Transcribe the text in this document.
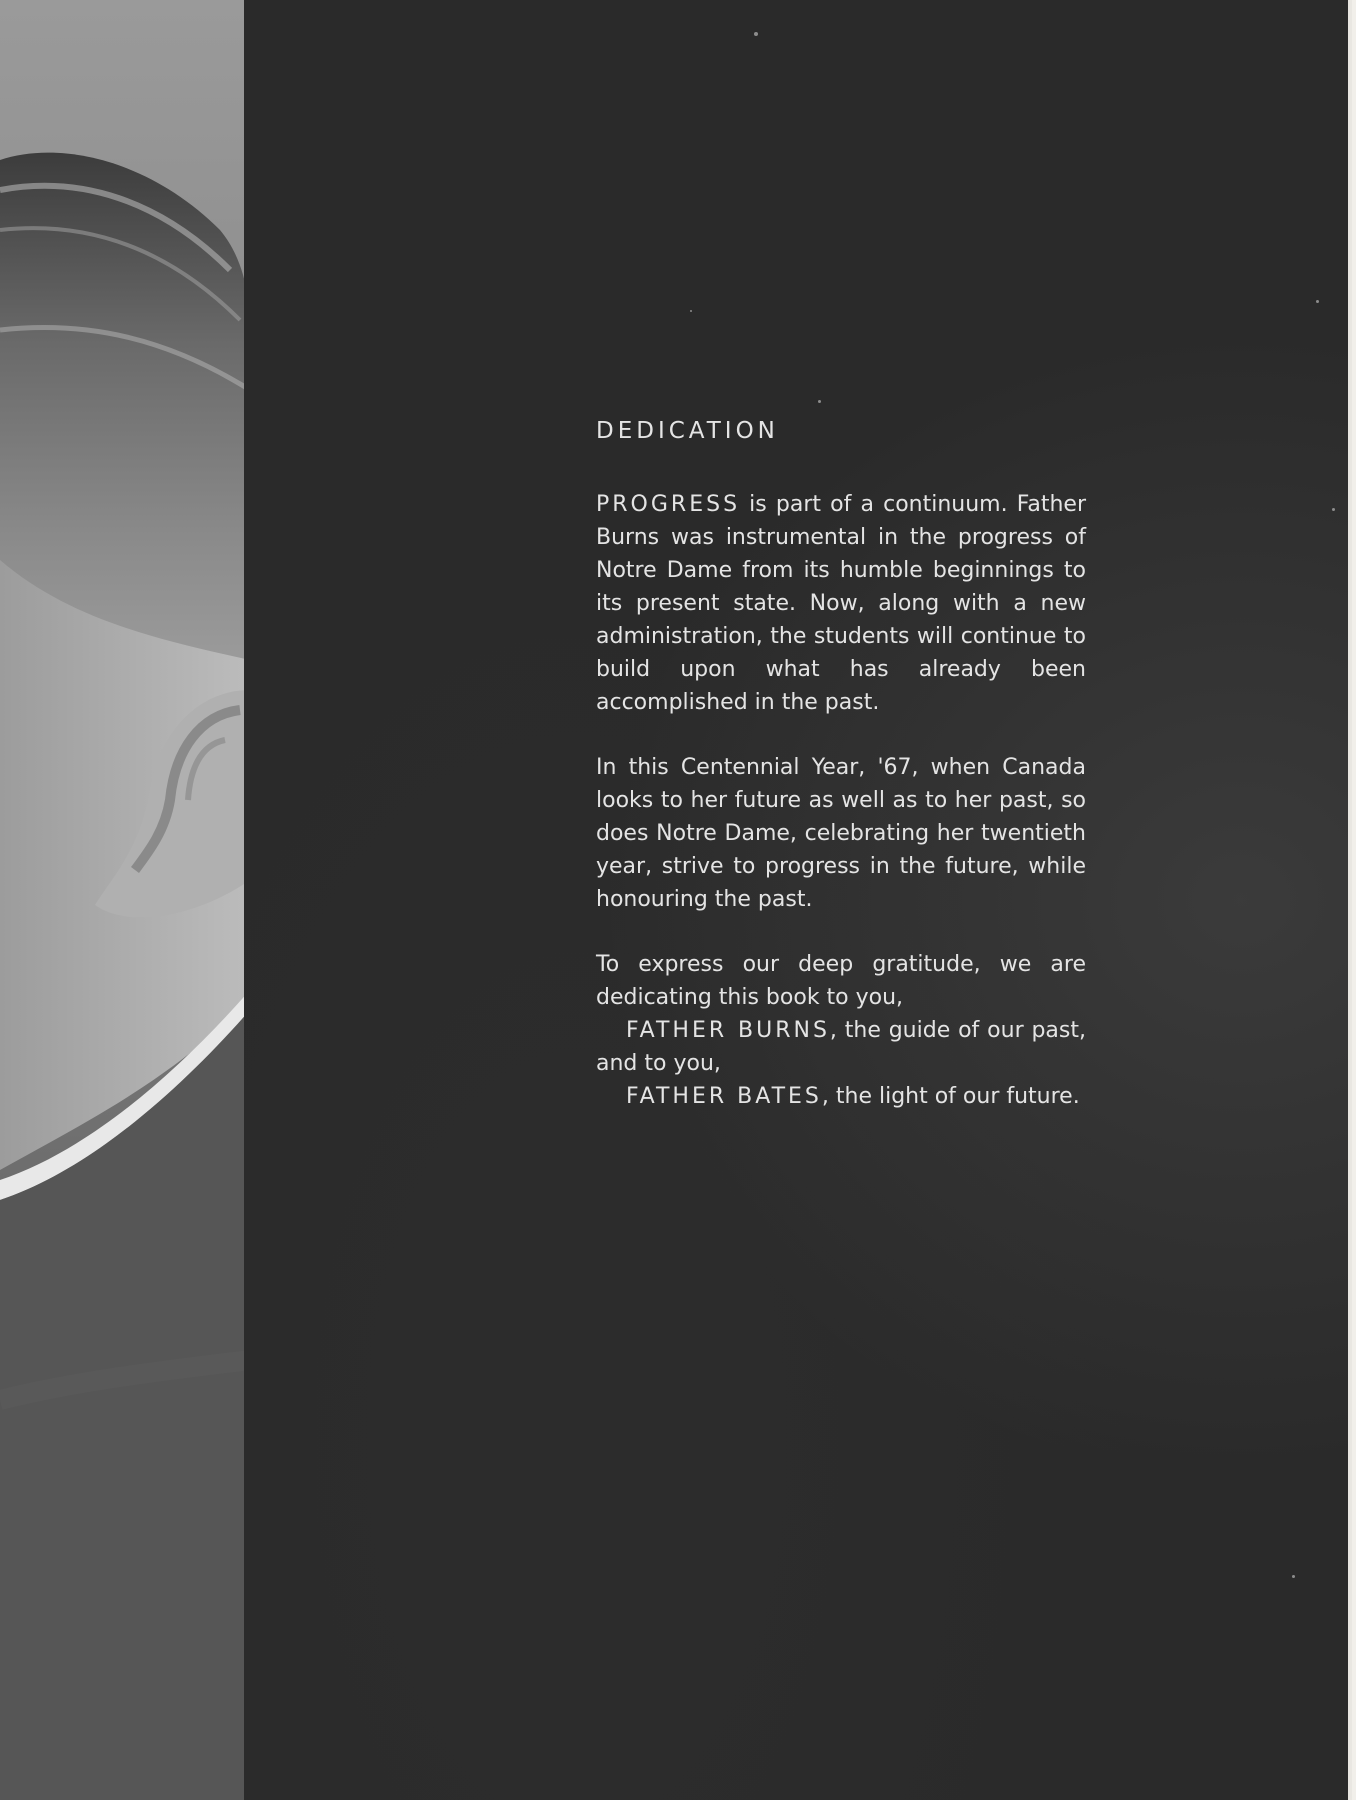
DEDICATION

PROGRESS is part of a continuum. Father Burns was instrumental in the progress of Notre Dame from its humble beginnings to its present state. Now, along with a new administration, the students will continue to build upon what has already been accomplished in the past.

In this Centennial Year, '67, when Canada looks to her future as well as to her past, so does Notre Dame, celebrating her twentieth year, strive to progress in the future, while honouring the past.

To express our deep gratitude, we are dedicating this book to you,
FATHER BURNS, the guide of our past, and to you,
FATHER BATES, the light of our future.
